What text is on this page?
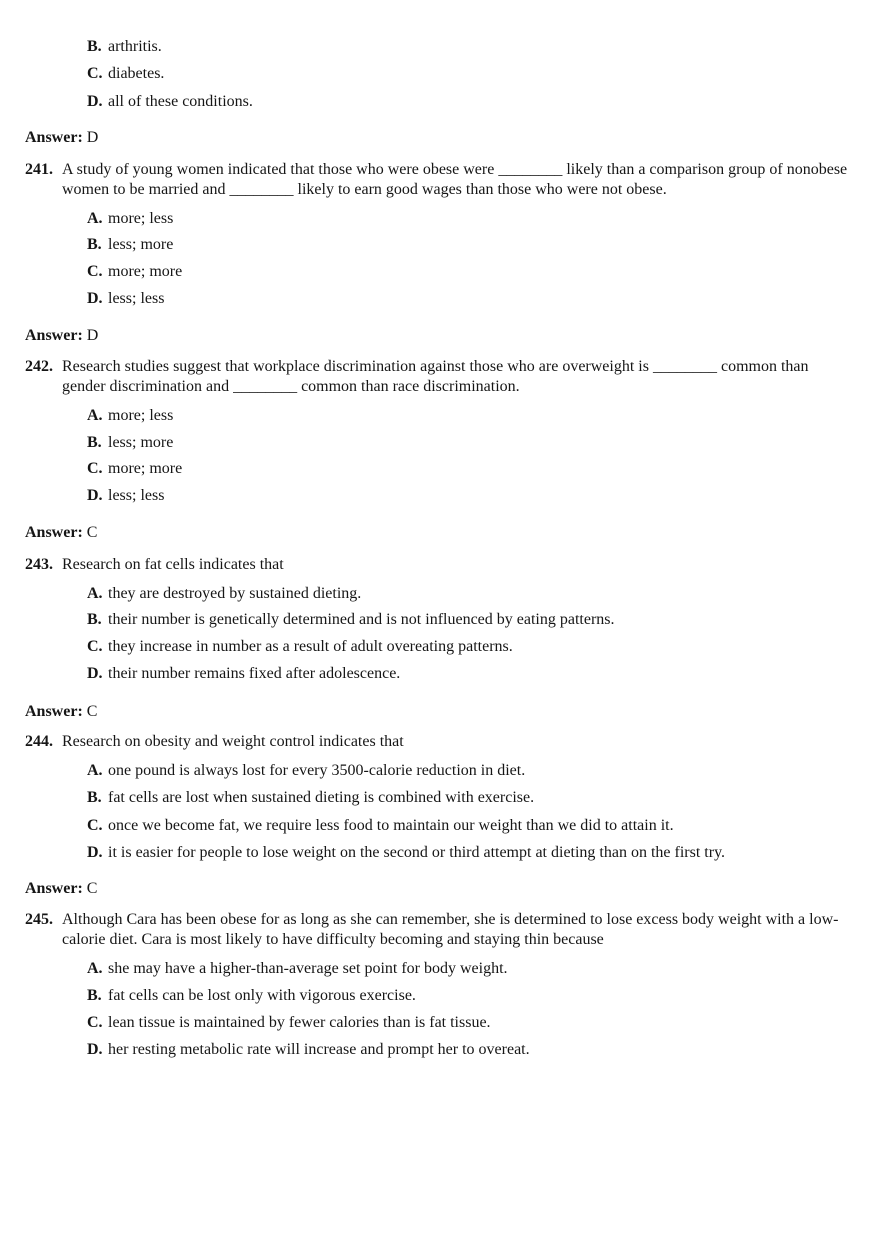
B. arthritis.
C. diabetes.
D. all of these conditions.
Answer: D
241. A study of young women indicated that those who were obese were ________ likely than a comparison group of nonobese women to be married and ________ likely to earn good wages than those who were not obese.
A. more; less
B. less; more
C. more; more
D. less; less
Answer: D
242. Research studies suggest that workplace discrimination against those who are overweight is ________ common than gender discrimination and ________ common than race discrimination.
A. more; less
B. less; more
C. more; more
D. less; less
Answer: C
243. Research on fat cells indicates that
A. they are destroyed by sustained dieting.
B. their number is genetically determined and is not influenced by eating patterns.
C. they increase in number as a result of adult overeating patterns.
D. their number remains fixed after adolescence.
Answer: C
244. Research on obesity and weight control indicates that
A. one pound is always lost for every 3500-calorie reduction in diet.
B. fat cells are lost when sustained dieting is combined with exercise.
C. once we become fat, we require less food to maintain our weight than we did to attain it.
D. it is easier for people to lose weight on the second or third attempt at dieting than on the first try.
Answer: C
245. Although Cara has been obese for as long as she can remember, she is determined to lose excess body weight with a low-calorie diet. Cara is most likely to have difficulty becoming and staying thin because
A. she may have a higher-than-average set point for body weight.
B. fat cells can be lost only with vigorous exercise.
C. lean tissue is maintained by fewer calories than is fat tissue.
D. her resting metabolic rate will increase and prompt her to overeat.
